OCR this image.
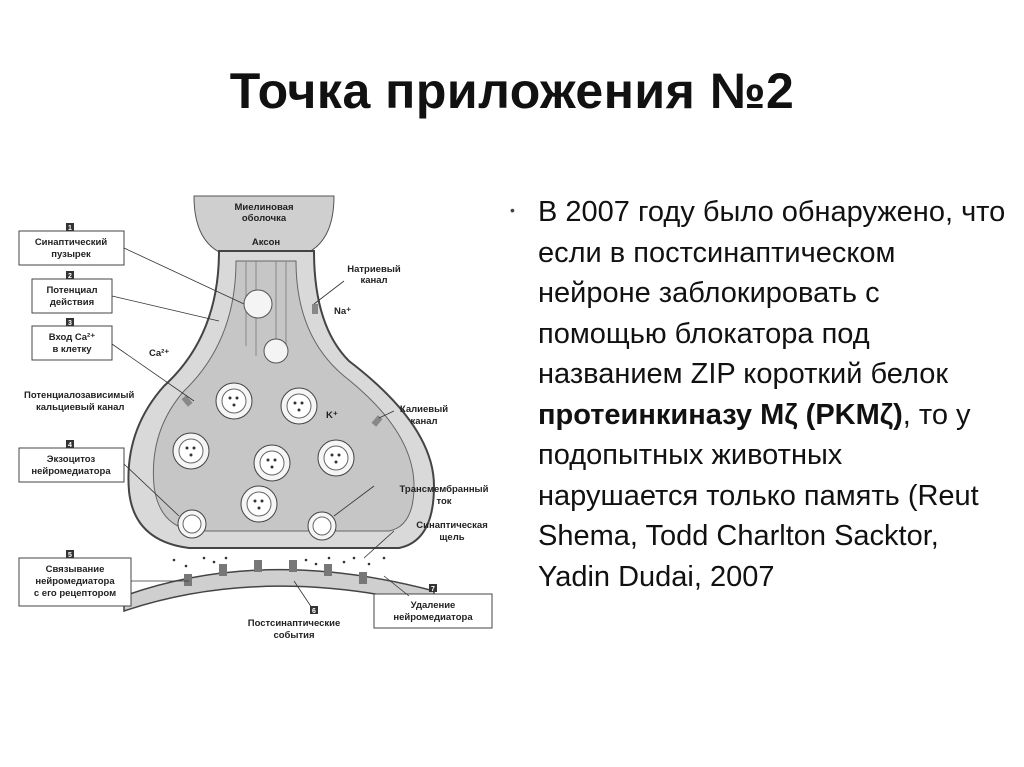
Точка приложения №2
1
2
3
4
5
6
7
Миелиновая
оболочка
Аксон
Натриевый
канал
Na⁺
Синаптический
пузырек
Потенциал
действия
Вход Ca²⁺
в клетку	Ca²⁺
Потенциалозависимый
кальциевый канал
K⁺
Калиевый
канал
Экзоцитоз
нейромедиатора
Трансмембранный
ток
Синаптическая
щель
Связывание
нейромедиатора
с его рецептором
Постсинаптические
события
Удаление
нейромедиатора
• В 2007 году было обнаружено, что если в постсинаптическом нейроне заблокировать с помощью блокатора под названием ZIP короткий белок протеинкиназу Mζ (PKMζ), то у подопытных животных нарушается только память (Reut Shema, Todd Charlton Sacktor, Yadin Dudai, 2007
